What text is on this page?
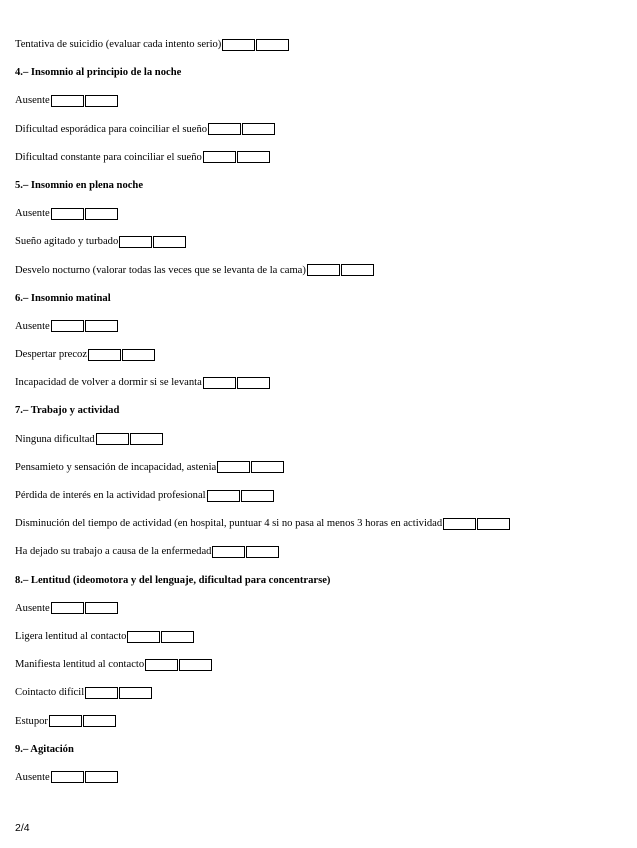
Tentativa de suicidio (evaluar cada intento serio)
4.– Insomnio al principio de la noche
Ausente
Dificultad esporádica para coinciliar el sueño
Dificultad constante para coinciliar el sueño
5.– Insomnio en plena noche
Ausente
Sueño agitado y turbado
Desvelo nocturno (valorar todas las veces que se levanta de la cama)
6.– Insomnio matinal
Ausente
Despertar precoz
Incapacidad de volver a dormir si se levanta
7.– Trabajo y actividad
Ninguna dificultad
Pensamieto y sensación de incapacidad, astenia
Pérdida de interés en la actividad profesional
Disminución del tiempo de actividad (en hospital, puntuar 4 si no pasa al menos 3 horas en actividad
Ha dejado su trabajo a causa de la enfermedad
8.– Lentitud (ideomotora y del lenguaje, dificultad para concentrarse)
Ausente
Ligera lentitud al contacto
Manifiesta lentitud al contacto
Cointacto difícil
Estupor
9.– Agitación
Ausente
2/4
